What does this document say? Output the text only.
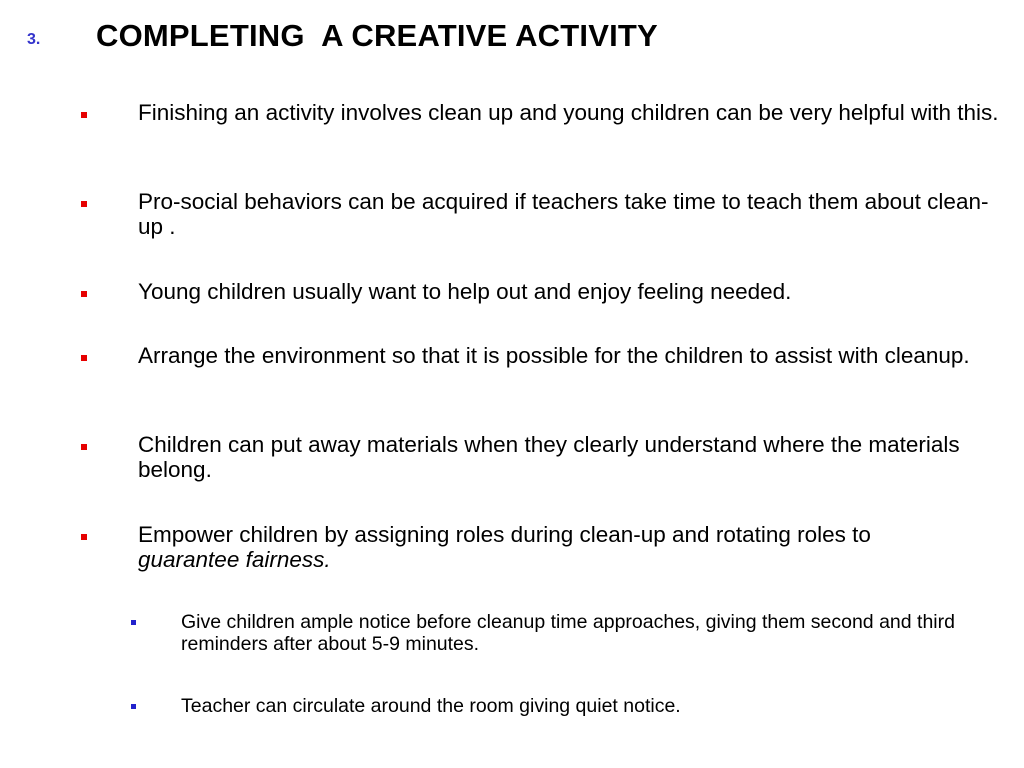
3. COMPLETING  A CREATIVE ACTIVITY
Finishing an activity involves clean up and young children can be very helpful with this.
Pro-social behaviors can be acquired if teachers take time to teach them about clean-up .
Young children usually want to help out and enjoy feeling needed.
Arrange the environment so that it is possible for the children to assist with cleanup.
Children can put away materials when they clearly understand where the materials belong.
Empower children by assigning roles during clean-up and rotating roles to
guarantee fairness.
Give children ample notice before cleanup time approaches, giving them second and third reminders after about 5-9 minutes.
Teacher can circulate around the room giving quiet notice.
